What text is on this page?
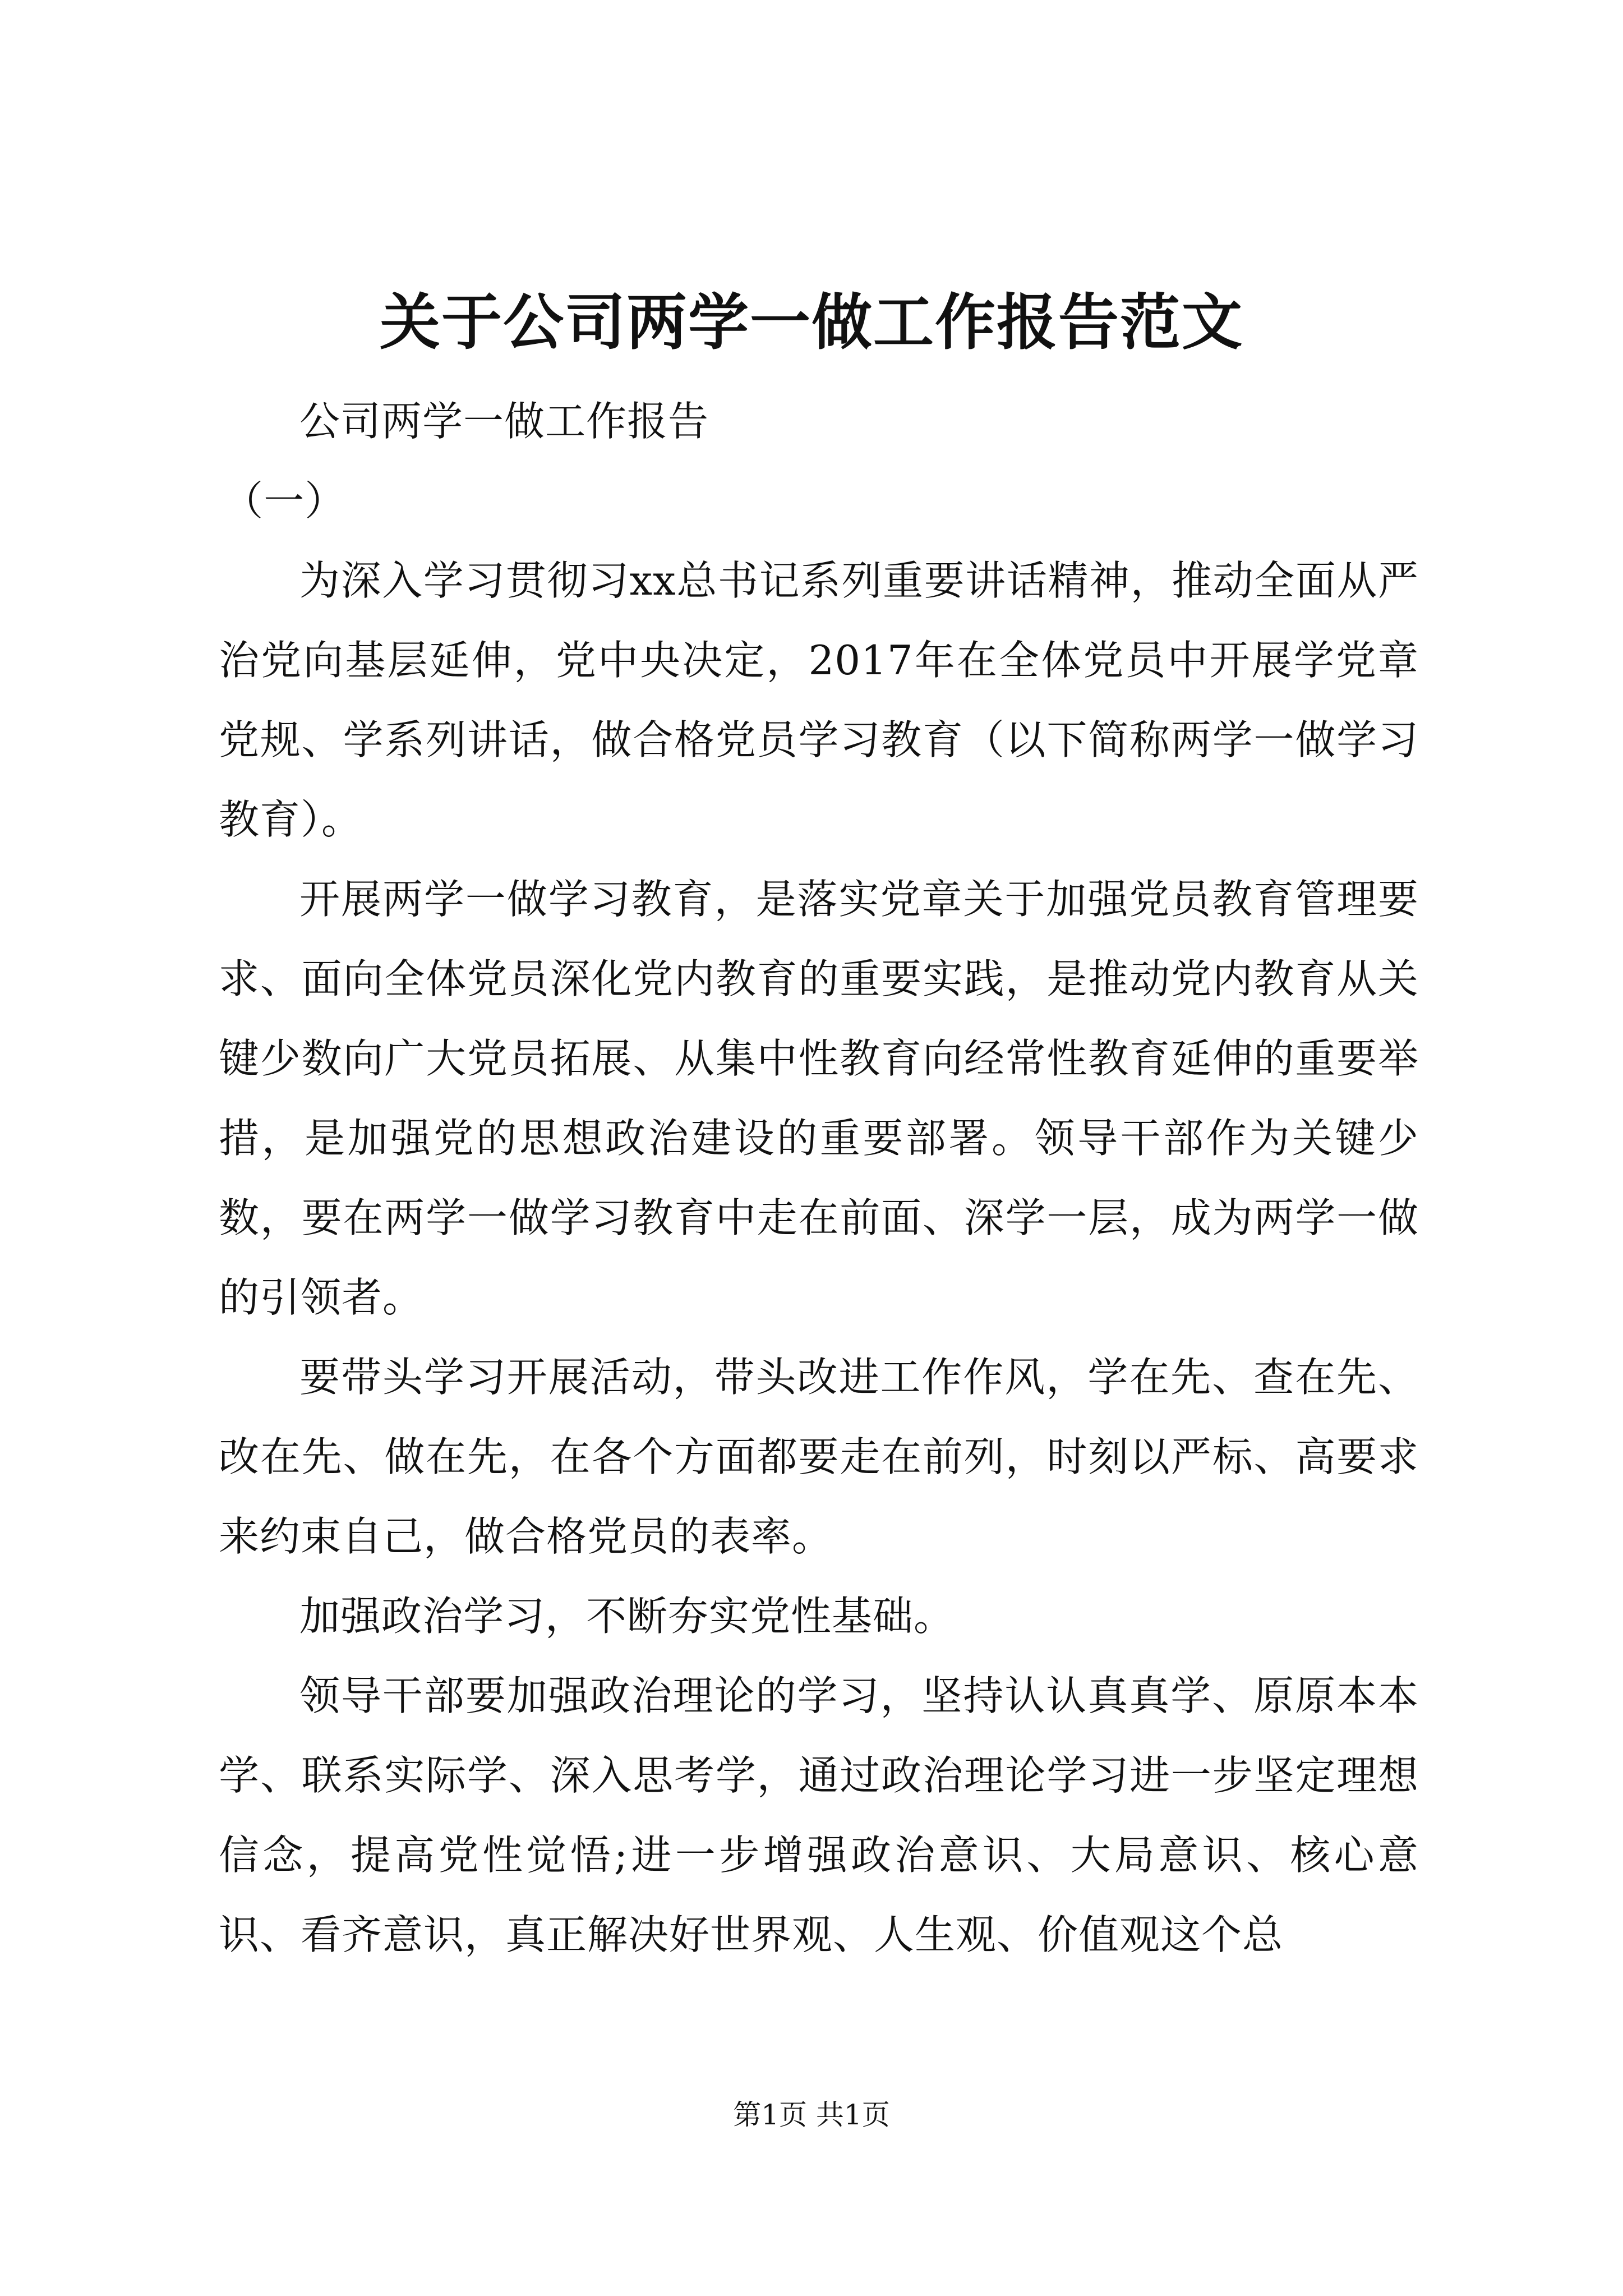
关于公司两学一做工作报告范文

公司两学一做工作报告

（一）

为深入学习贯彻习xx总书记系列重要讲话精神，推动全面从严治党向基层延伸，党中央决定，2017年在全体党员中开展学党章党规、学系列讲话，做合格党员学习教育（以下简称两学一做学习教育）。

开展两学一做学习教育，是落实党章关于加强党员教育管理要求、面向全体党员深化党内教育的重要实践，是推动党内教育从关键少数向广大党员拓展、从集中性教育向经常性教育延伸的重要举措，是加强党的思想政治建设的重要部署。领导干部作为关键少数，要在两学一做学习教育中走在前面、深学一层，成为两学一做的引领者。

要带头学习开展活动，带头改进工作作风，学在先、查在先、改在先、做在先，在各个方面都要走在前列，时刻以严标、高要求来约束自己，做合格党员的表率。

加强政治学习，不断夯实党性基础。

领导干部要加强政治理论的学习，坚持认认真真学、原原本本学、联系实际学、深入思考学，通过政治理论学习进一步坚定理想信念，提高党性觉悟;进一步增强政治意识、大局意识、核心意识、看齐意识，真正解决好世界观、人生观、价值观这个总

第1页 共1页
